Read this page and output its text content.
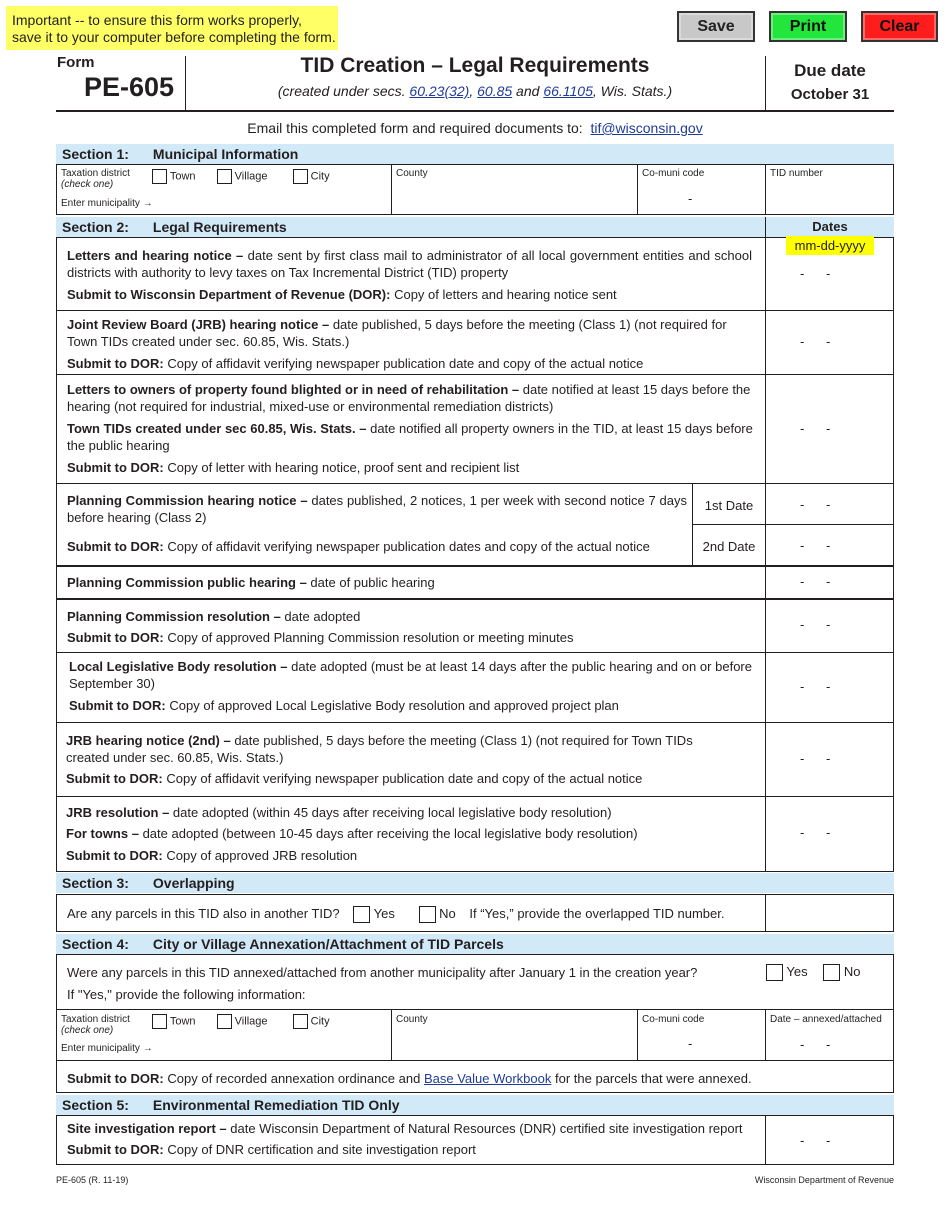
Important -- to ensure this form works properly,
save it to your computer before completing the form.
Save	Print	Clear
Form
PE-605
TID Creation – Legal Requirements
(created under secs. 60.23(32), 60.85 and 66.1105, Wis. Stats.)
Due date
October 31
Email this completed form and required documents to: tif@wisconsin.gov
Section 1: Municipal Information
Taxation district
(check one)
Town	Village	City
Enter municipality →
County	Co-muni code
-
TID number
Section 2: Legal Requirements	Dates
mm-dd-yyyy
Letters and hearing notice – date sent by first class mail to administrator of all local government entities and school districts with authority to levy taxes on Tax Incremental District (TID) property
Submit to Wisconsin Department of Revenue (DOR): Copy of letters and hearing notice sent
-      -
Joint Review Board (JRB) hearing notice – date published, 5 days before the meeting (Class 1) (not required for Town TIDs created under sec. 60.85, Wis. Stats.)
Submit to DOR: Copy of affidavit verifying newspaper publication date and copy of the actual notice
-      -
Letters to owners of property found blighted or in need of rehabilitation – date notified at least 15 days before the hearing (not required for industrial, mixed-use or environmental remediation districts)
Town TIDs created under sec 60.85, Wis. Stats. – date notified all property owners in the TID, at least 15 days before the public hearing
Submit to DOR: Copy of letter with hearing notice, proof sent and recipient list
-      -
Planning Commission hearing notice – dates published, 2 notices, 1 per week with second notice 7 days before hearing (Class 2)
Submit to DOR: Copy of affidavit verifying newspaper publication dates and copy of the actual notice
1st Date
2nd Date
-      -
-      -
Planning Commission public hearing – date of public hearing	-      -
Planning Commission resolution – date adopted
Submit to DOR: Copy of approved Planning Commission resolution or meeting minutes
-      -
Local Legislative Body resolution – date adopted (must be at least 14 days after the public hearing and on or before September 30)
Submit to DOR: Copy of approved Local Legislative Body resolution and approved project plan
-      -
JRB hearing notice (2nd) – date published, 5 days before the meeting (Class 1) (not required for Town TIDs created under sec. 60.85, Wis. Stats.)
Submit to DOR: Copy of affidavit verifying newspaper publication date and copy of the actual notice
-      -
JRB resolution – date adopted (within 45 days after receiving local legislative body resolution)
For towns – date adopted (between 10-45 days after receiving the local legislative body resolution)
Submit to DOR: Copy of approved JRB resolution
-      -
Section 3: Overlapping
Are any parcels in this TID also in another TID?	Yes	No If “Yes,” provide the overlapped TID number.
Section 4: City or Village Annexation/Attachment of TID Parcels
Were any parcels in this TID annexed/attached from another municipality after January 1 in the creation year?	Yes	No
If "Yes," provide the following information:
Taxation district
(check one)
Town	Village	City
Enter municipality →
County	Co-muni code
-
Date – annexed/attached
-      -
Submit to DOR: Copy of recorded annexation ordinance and Base Value Workbook for the parcels that were annexed.
Section 5: Environmental Remediation TID Only
Site investigation report – date Wisconsin Department of Natural Resources (DNR) certified site investigation report
Submit to DOR: Copy of DNR certification and site investigation report
-      -
PE-605 (R. 11-19)	Wisconsin Department of Revenue
